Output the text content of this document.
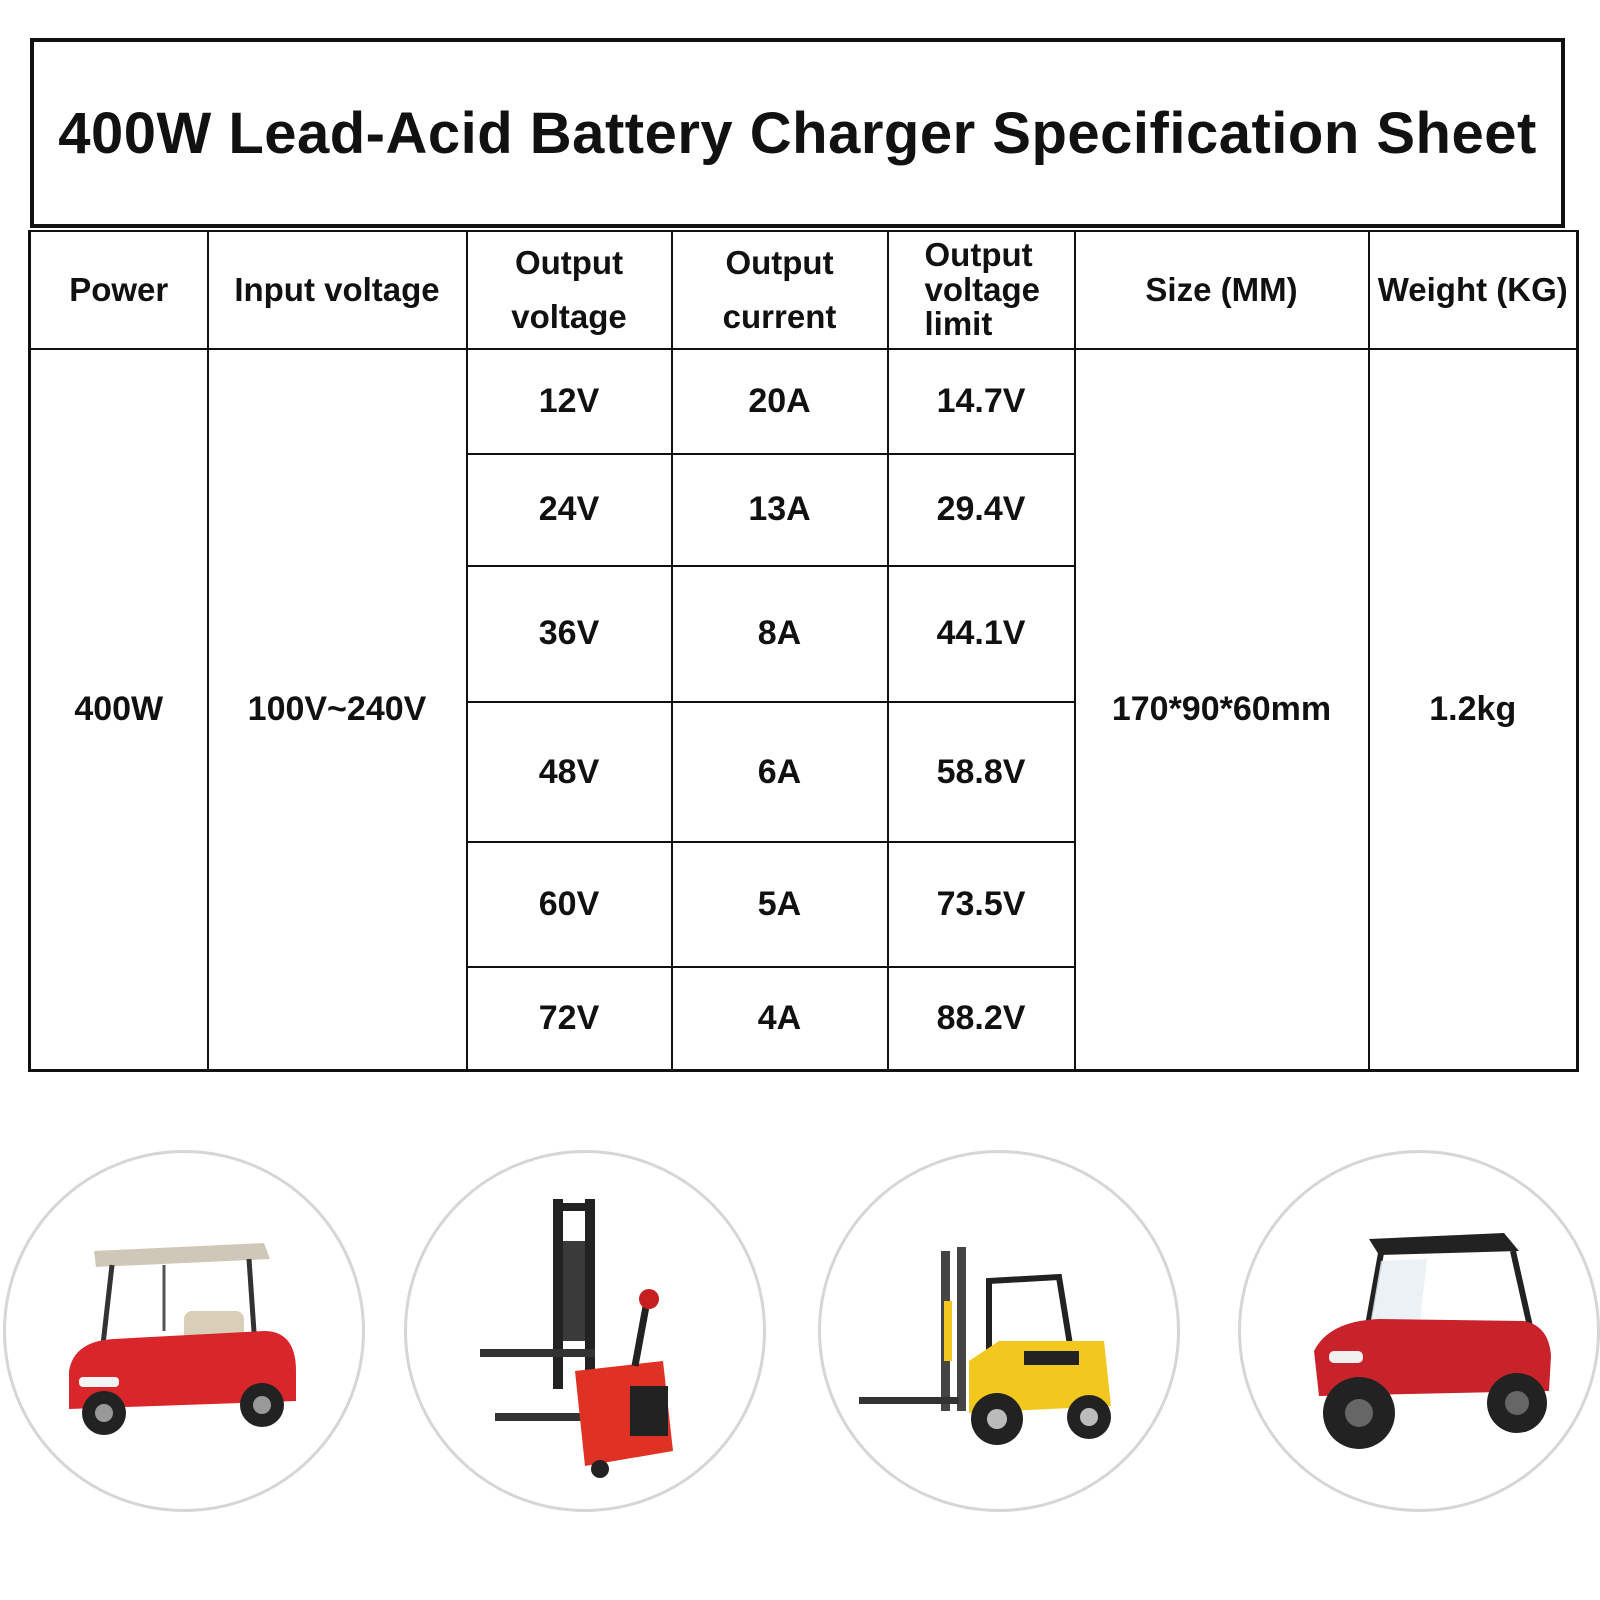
400W Lead-Acid Battery Charger Specification Sheet
Power	Input voltage	Output voltage	Output current	Output voltage limit	Size (MM)	Weight (KG)
400W	100V~240V	12V	20A	14.7V	170*90*60mm	1.2kg
		24V	13A	29.4V		
		36V	8A	44.1V		
		48V	6A	58.8V		
		60V	5A	73.5V		
		72V	4A	88.2V		
